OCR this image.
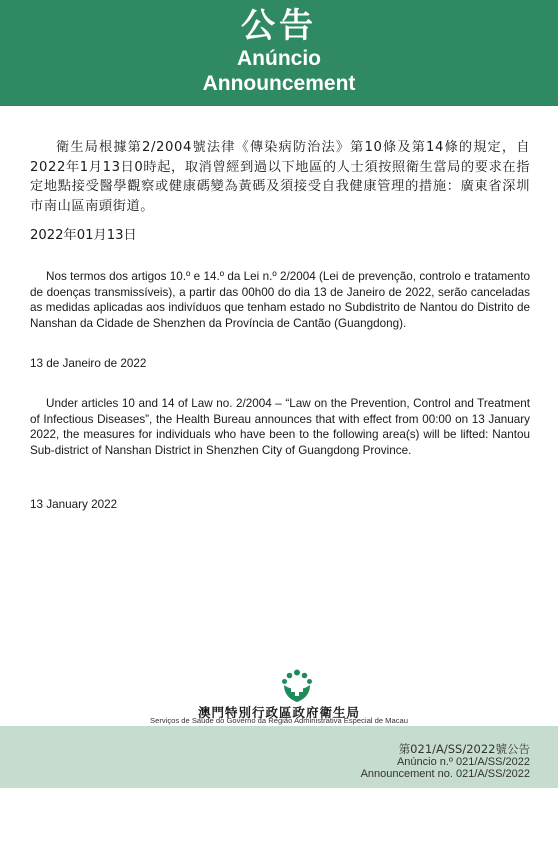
公告
Anúncio
Announcement
衛生局根據第2/2004號法律《傳染病防治法》第10條及第14條的規定，自2022年1月13日0時起，取消曾經到過以下地區的人士須按照衛生當局的要求在指定地點接受醫學觀察或健康碼變為黃碼及須接受自我健康管理的措施：廣東省深圳市南山區南頭街道。
2022年01月13日
Nos termos dos artigos 10.º e 14.º da Lei n.º 2/2004 (Lei de prevenção, controlo e tratamento de doenças transmissíveis), a partir das 00h00 do dia 13 de Janeiro de 2022, serão canceladas as medidas aplicadas aos indivíduos que tenham estado no Subdistrito de Nantou do Distrito de Nanshan da Cidade de Shenzhen da Província de Cantão (Guangdong).
13 de Janeiro de 2022
Under articles 10 and 14 of Law no. 2/2004 – “Law on the Prevention, Control and Treatment of Infectious Diseases”, the Health Bureau announces that with effect from 00:00 on 13 January 2022, the measures for individuals who have been to the following area(s) will be lifted: Nantou Sub-district of Nanshan District in Shenzhen City of Guangdong Province.
13 January 2022
澳門特別行政區政府衛生局
Serviços de Saúde do Governo da Região Administrativa Especial de Macau
第021/A/SS/2022號公告
Anúncio n.º 021/A/SS/2022
Announcement no. 021/A/SS/2022
